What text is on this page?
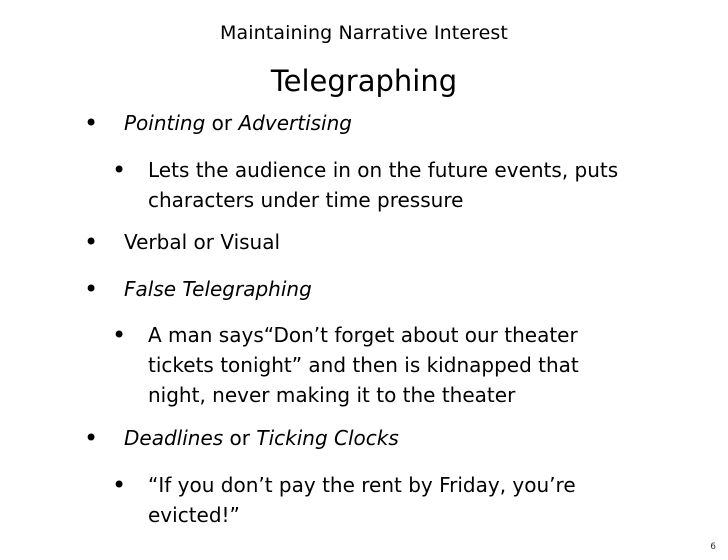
Maintaining Narrative Interest
Telegraphing
• Pointing or Advertising
• Lets the audience in on the future events, puts
characters under time pressure
• Verbal or Visual
• False Telegraphing
• A man says“Don’t forget about our theater
tickets tonight” and then is kidnapped that
night, never making it to the theater
• Deadlines or Ticking Clocks
• “If you don’t pay the rent by Friday, you’re
evicted!”
6
